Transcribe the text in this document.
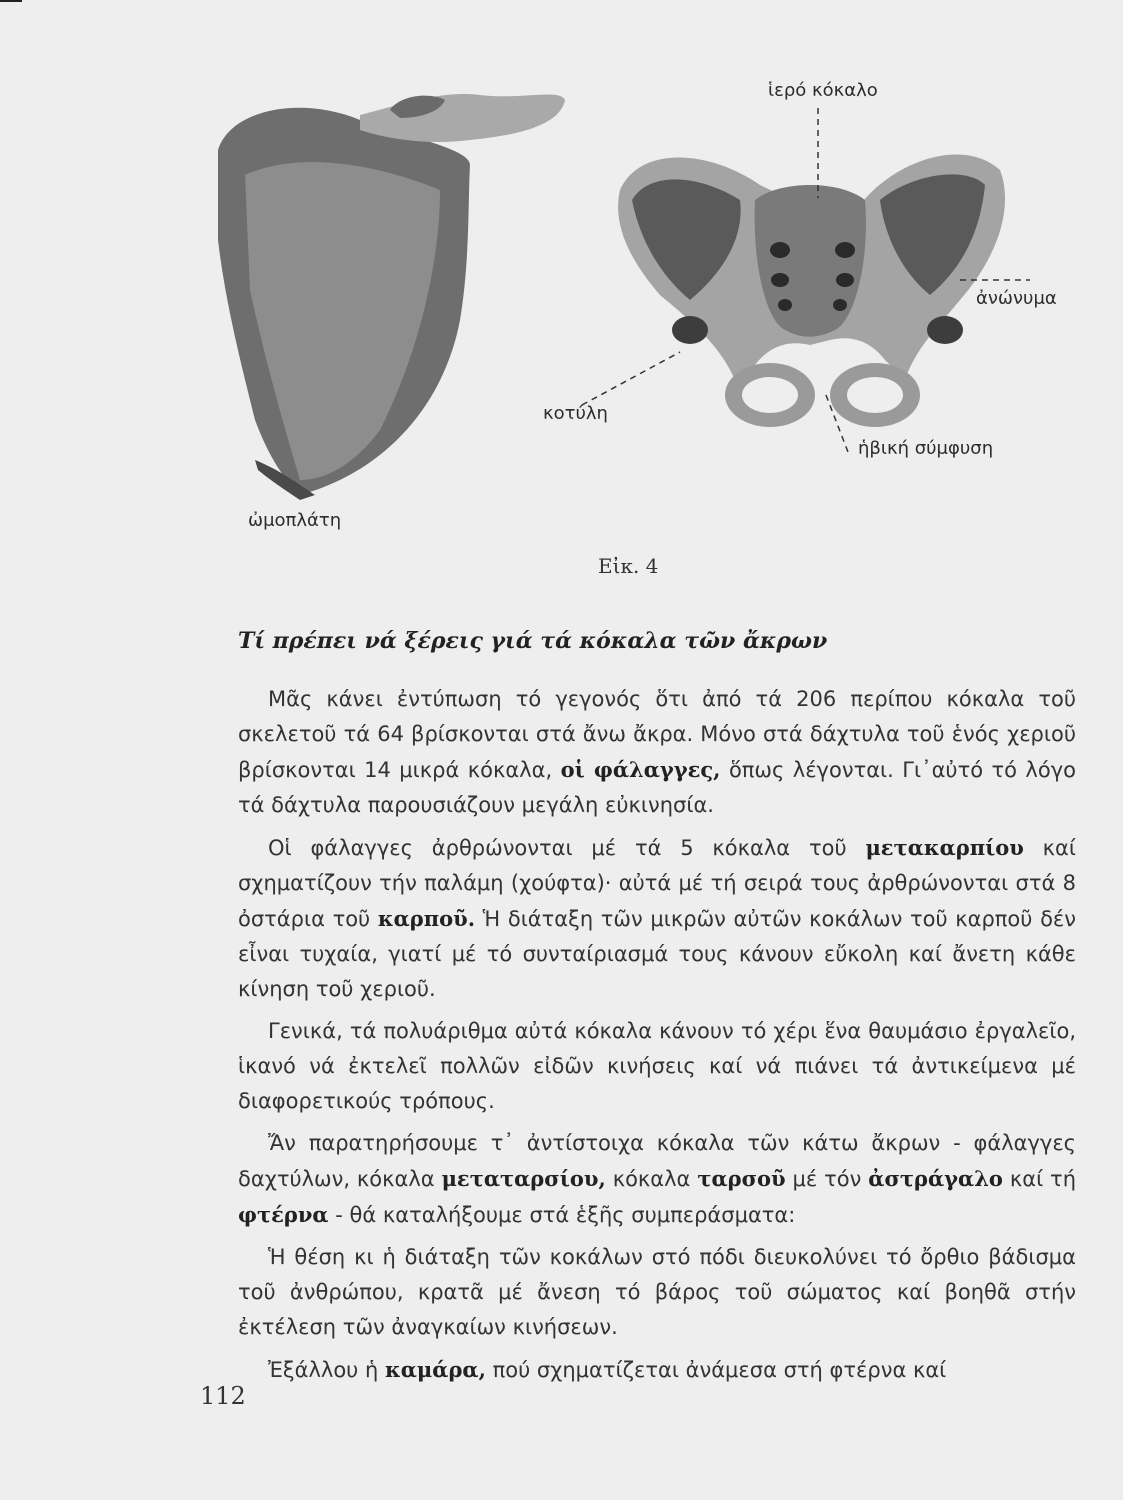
ἱερό κόκαλο
ἀνώνυμα
κοτύλη
ἡβική σύμφυση
ὠμοπλάτη
Εἰκ. 4
Τί πρέπει νά ξέρεις γιά τά κόκαλα τῶν ἄκρων

Μᾶς κάνει ἐντύπωση τό γεγονός ὅτι ἀπό τά 206 περίπου κόκαλα τοῦ σκελετοῦ τά 64 βρίσκονται στά ἄνω ἄκρα. Μόνο στά δάχτυλα τοῦ ἑνός χεριοῦ βρίσκονται 14 μικρά κόκαλα, οἱ φάλαγγες, ὅπως λέγονται. Γι᾽αὐτό τό λόγο τά δάχτυλα παρουσιάζουν μεγάλη εὐκινησία.

Οἱ φάλαγγες ἀρθρώνονται μέ τά 5 κόκαλα τοῦ μετακαρπίου καί σχηματίζουν τήν παλάμη (χούφτα)· αὐτά μέ τή σειρά τους ἀρθρώνονται στά 8 ὀστάρια τοῦ καρποῦ. Ἡ διάταξη τῶν μικρῶν αὐτῶν κοκάλων τοῦ καρποῦ δέν εἶναι τυχαία, γιατί μέ τό συνταίριασμά τους κάνουν εὔκολη καί ἄνετη κάθε κίνηση τοῦ χεριοῦ.

Γενικά, τά πολυάριθμα αὐτά κόκαλα κάνουν τό χέρι ἕνα θαυμάσιο ἐργαλεῖο, ἱκανό νά ἐκτελεῖ πολλῶν εἰδῶν κινήσεις καί νά πιάνει τά ἀντικείμενα μέ διαφορετικούς τρόπους.

Ἄν παρατηρήσουμε τ᾽ ἀντίστοιχα κόκαλα τῶν κάτω ἄκρων - φάλαγγες δαχτύλων, κόκαλα μεταταρσίου, κόκαλα ταρσοῦ μέ τόν ἀστράγαλο καί τή φτέρνα - θά καταλήξουμε στά ἑξῆς συμπεράσματα:

Ἡ θέση κι ἡ διάταξη τῶν κοκάλων στό πόδι διευκολύνει τό ὄρθιο βάδισμα τοῦ ἀνθρώπου, κρατᾶ μέ ἄνεση τό βάρος τοῦ σώματος καί βοηθᾶ στήν ἐκτέλεση τῶν ἀναγκαίων κινήσεων.

Ἐξάλλου ἡ καμάρα, πού σχηματίζεται ἀνάμεσα στή φτέρνα καί

112
